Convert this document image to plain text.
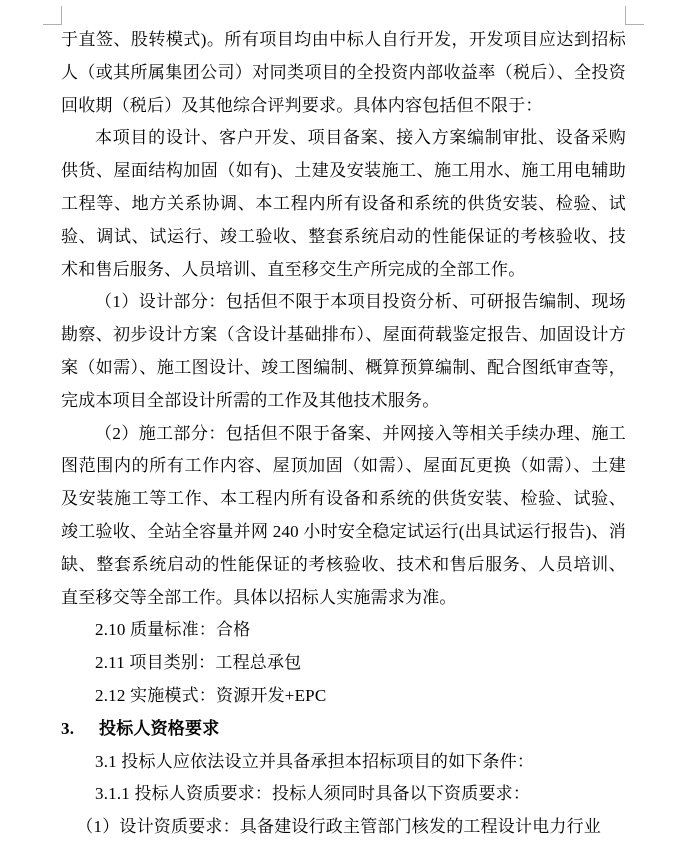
于直签、股转模式)。所有项目均由中标人自行开发，开发项目应达到招标人（或其所属集团公司）对同类项目的全投资内部收益率（税后）、全投资回收期（税后）及其他综合评判要求。具体内容包括但不限于：

本项目的设计、客户开发、项目备案、接入方案编制审批、设备采购供货、屋面结构加固（如有)、土建及安装施工、施工用水、施工用电辅助工程等、地方关系协调、本工程内所有设备和系统的供货安装、检验、试验、调试、试运行、竣工验收、整套系统启动的性能保证的考核验收、技术和售后服务、人员培训、直至移交生产所完成的全部工作。

（1）设计部分：包括但不限于本项目投资分析、可研报告编制、现场勘察、初步设计方案（含设计基础排布）、屋面荷载鉴定报告、加固设计方案（如需）、施工图设计、竣工图编制、概算预算编制、配合图纸审查等，完成本项目全部设计所需的工作及其他技术服务。

（2）施工部分：包括但不限于备案、并网接入等相关手续办理、施工图范围内的所有工作内容、屋顶加固（如需）、屋面瓦更换（如需）、土建及安装施工等工作、本工程内所有设备和系统的供货安装、检验、试验、竣工验收、全站全容量并网 240 小时安全稳定试运行(出具试运行报告)、消缺、整套系统启动的性能保证的考核验收、技术和售后服务、人员培训、直至移交等全部工作。具体以招标人实施需求为准。

2.10 质量标准：合格

2.11 项目类别：工程总承包

2.12 实施模式：资源开发+EPC

3. 投标人资格要求

3.1 投标人应依法设立并具备承担本招标项目的如下条件：

3.1.1 投标人资质要求：投标人须同时具备以下资质要求：

（1）设计资质要求：具备建设行政主管部门核发的工程设计电力行业
